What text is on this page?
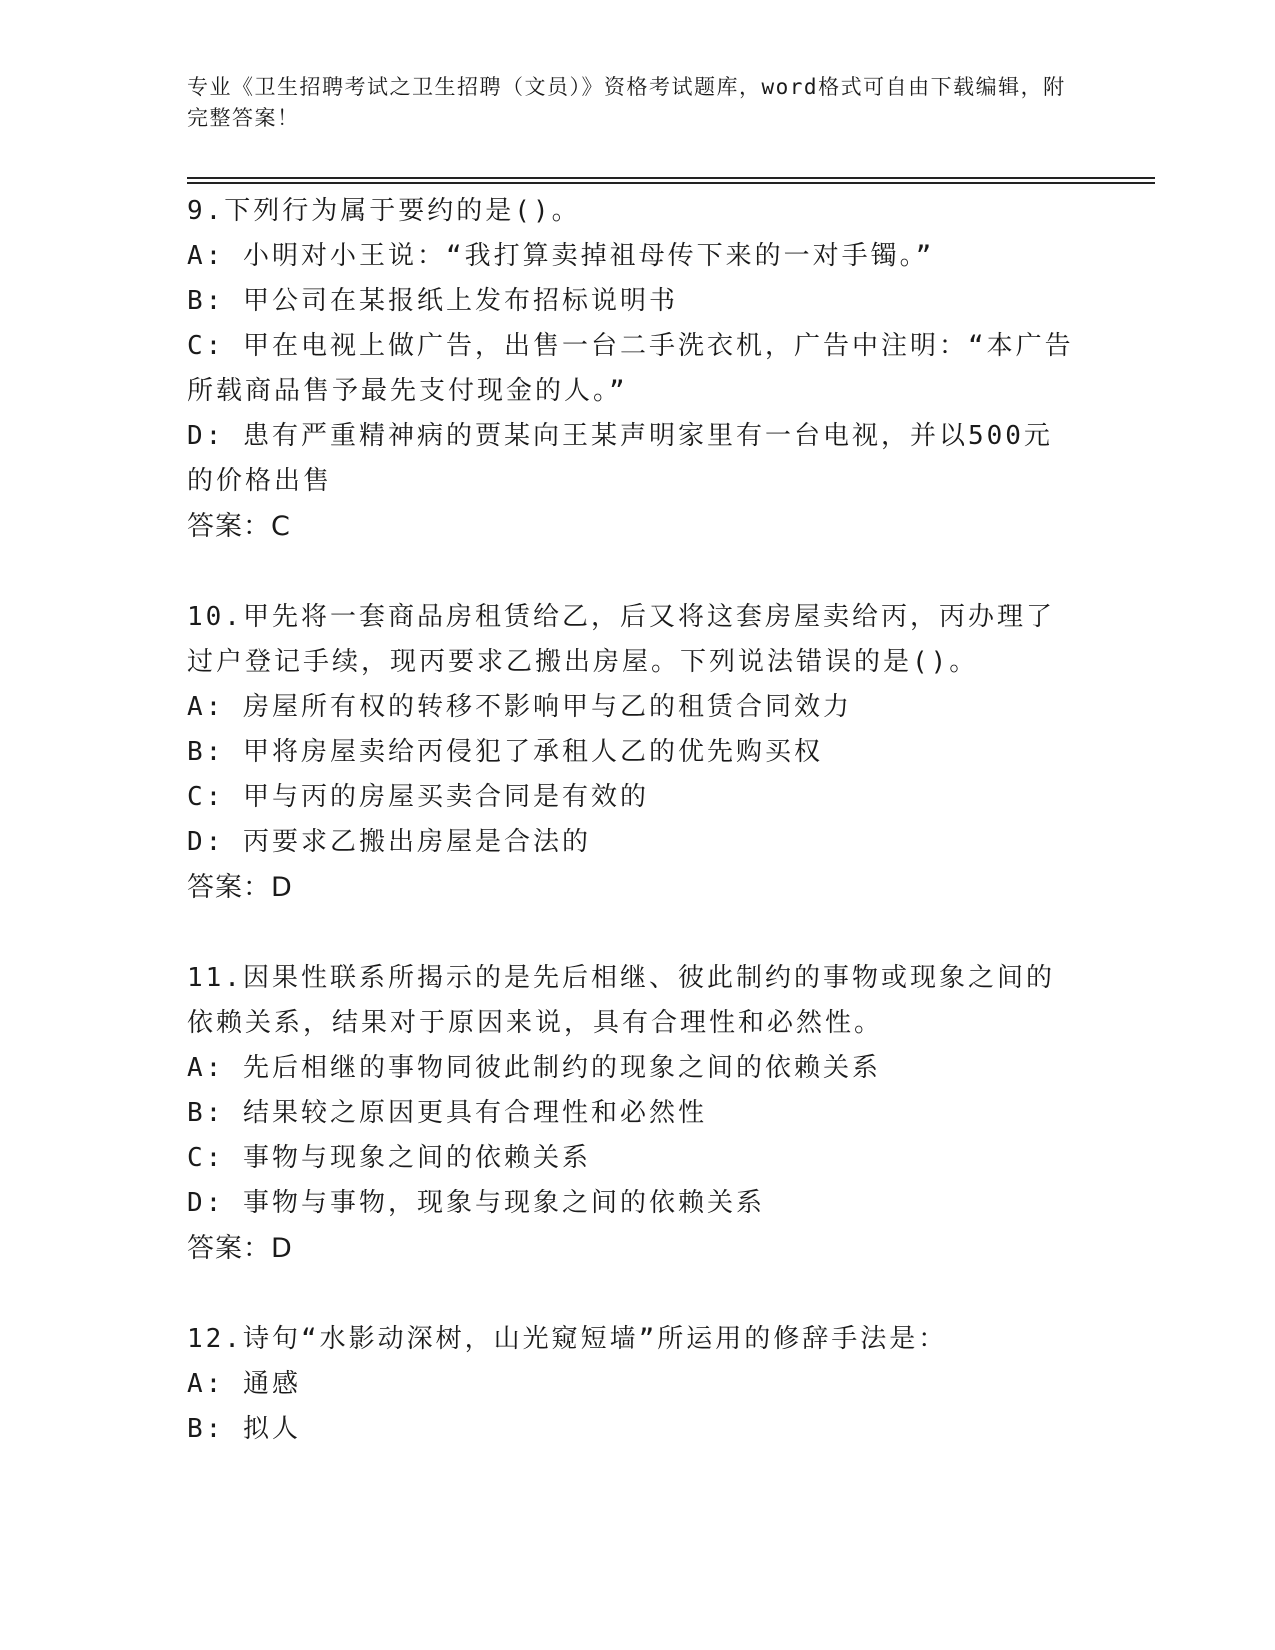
专业《卫生招聘考试之卫生招聘（文员）》资格考试题库，word格式可自由下载编辑，附完整答案！

9.下列行为属于要约的是()。

A: 小明对小王说：“我打算卖掉祖母传下来的一对手镯。”

B: 甲公司在某报纸上发布招标说明书

C: 甲在电视上做广告，出售一台二手洗衣机，广告中注明：“本广告所载商品售予最先支付现金的人。”

D: 患有严重精神病的贾某向王某声明家里有一台电视，并以500元的价格出售

答案：C

10.甲先将一套商品房租赁给乙，后又将这套房屋卖给丙，丙办理了过户登记手续，现丙要求乙搬出房屋。下列说法错误的是()。

A: 房屋所有权的转移不影响甲与乙的租赁合同效力

B: 甲将房屋卖给丙侵犯了承租人乙的优先购买权

C: 甲与丙的房屋买卖合同是有效的

D: 丙要求乙搬出房屋是合法的

答案：D

11.因果性联系所揭示的是先后相继、彼此制约的事物或现象之间的依赖关系，结果对于原因来说，具有合理性和必然性。

A: 先后相继的事物同彼此制约的现象之间的依赖关系

B: 结果较之原因更具有合理性和必然性

C: 事物与现象之间的依赖关系

D: 事物与事物，现象与现象之间的依赖关系

答案：D

12.诗句“水影动深树，山光窥短墙”所运用的修辞手法是：

A: 通感

B: 拟人
